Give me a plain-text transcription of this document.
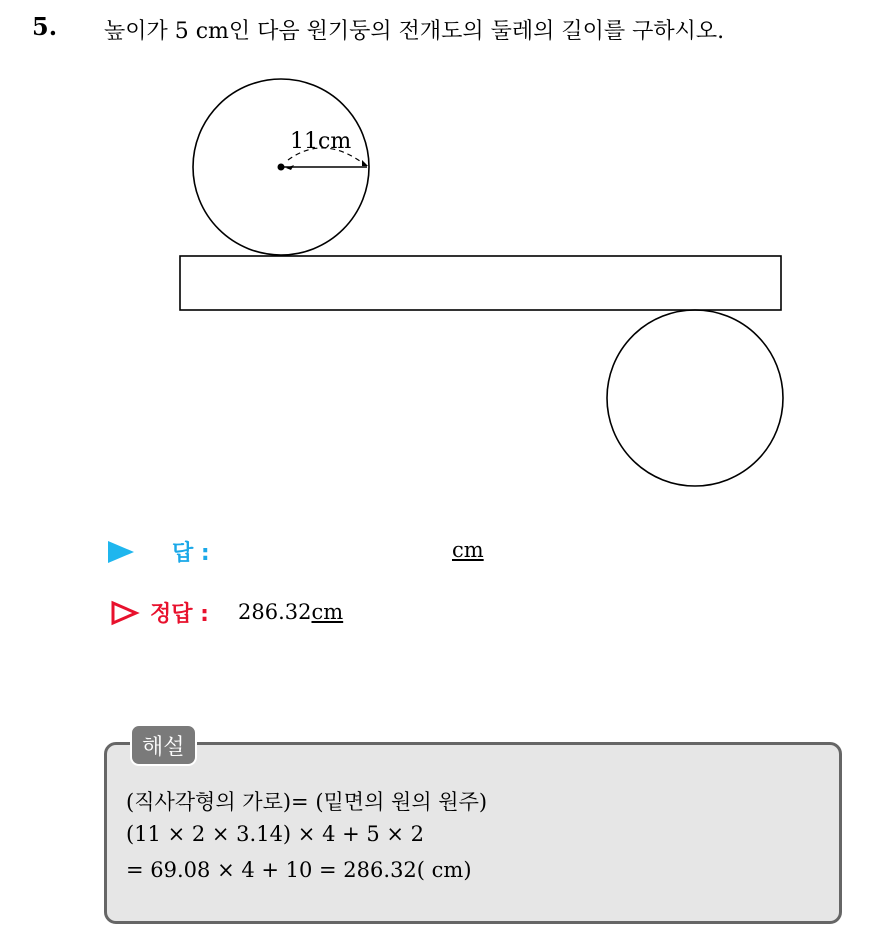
5. 높이가 5 cm인 다음 원기둥의 전개도의 둘레의 길이를 구하시오.
11cm
답 :	cm
정답 : 286.32cm
해설
(직사각형의 가로)= (밑면의 원의 원주)
(11 × 2 × 3.14) × 4 + 5 × 2
= 69.08 × 4 + 10 = 286.32( cm)
